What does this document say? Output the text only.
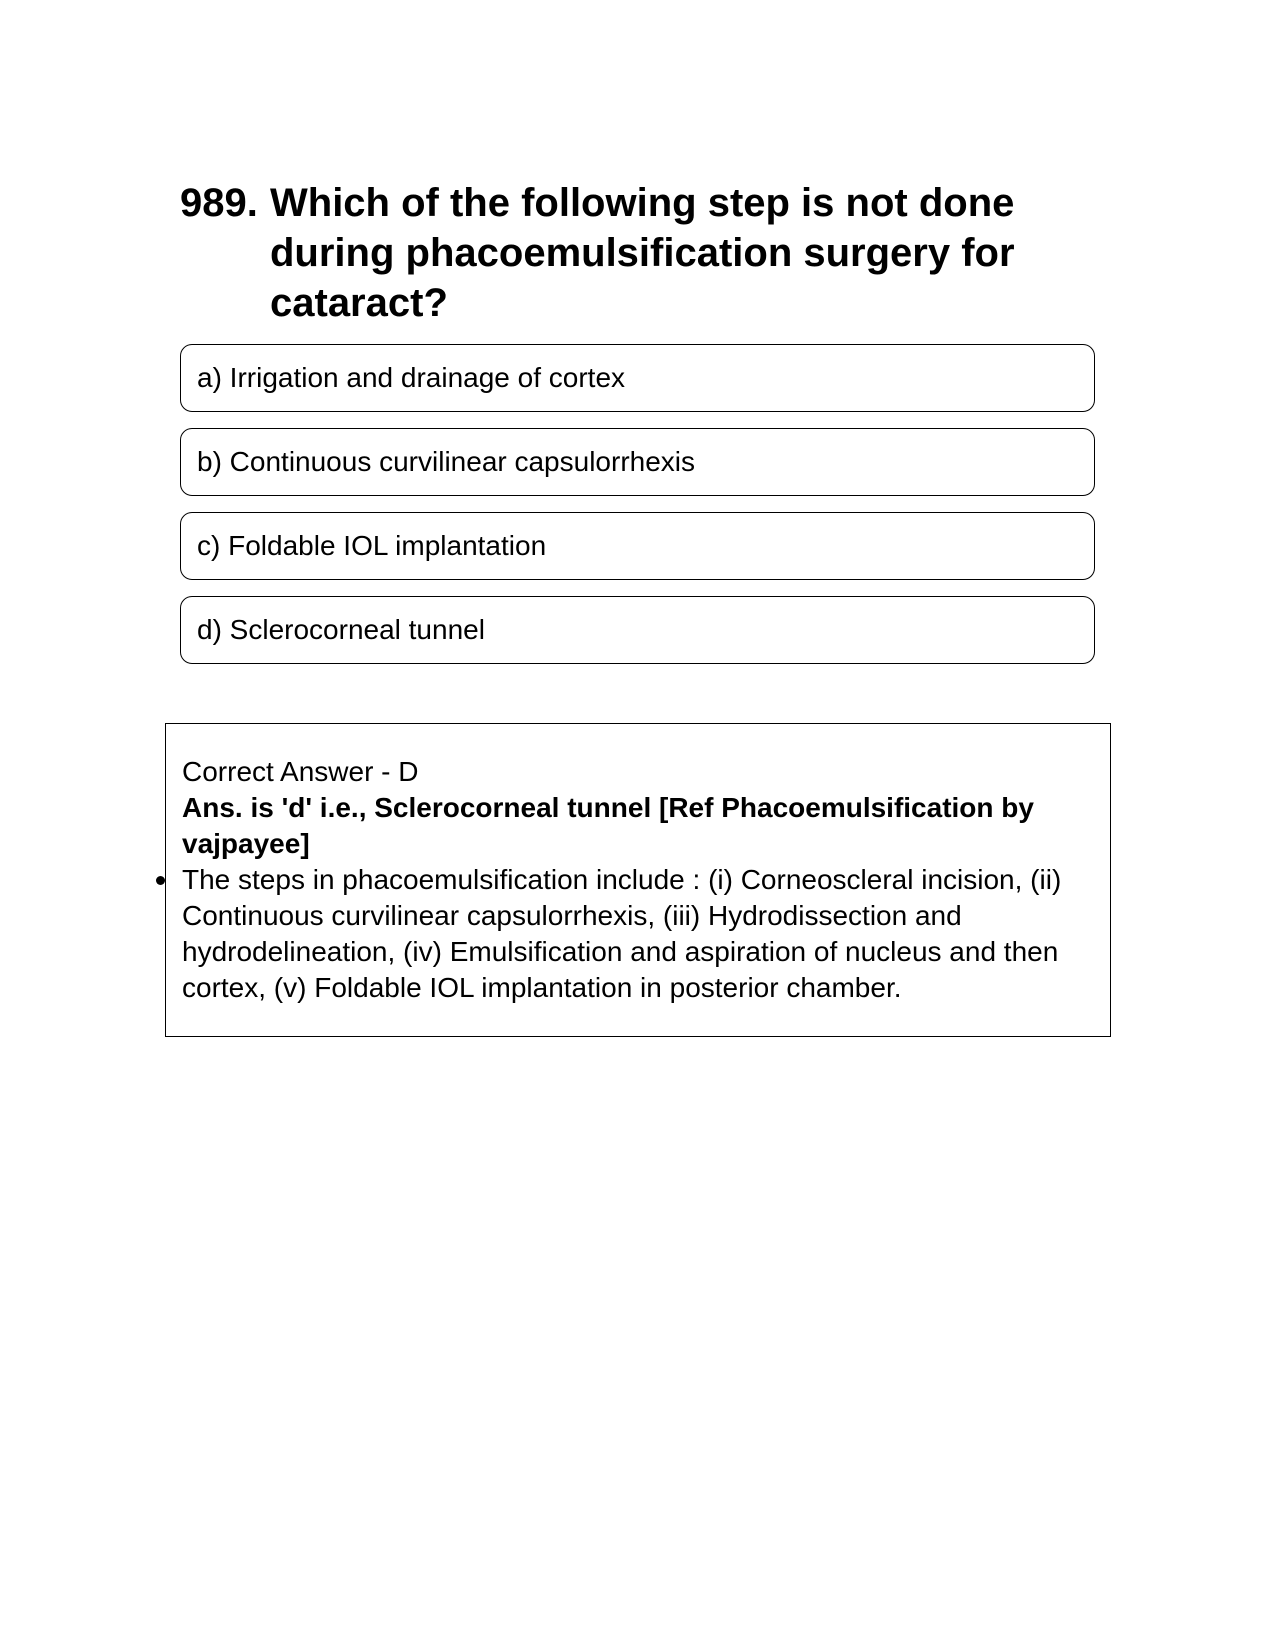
989. Which of the following step is not done during phacoemulsification surgery for cataract?
a) Irrigation and drainage of cortex
b) Continuous curvilinear capsulorrhexis
c) Foldable IOL implantation
d) Sclerocorneal tunnel

Correct Answer - D

Ans. is 'd' i.e., Sclerocorneal tunnel [Ref Phacoemulsification by vajpayee]

The steps in phacoemulsification include : (i) Corneoscleral incision, (ii) Continuous curvilinear capsulorrhexis, (iii) Hydrodissection and hydrodelineation, (iv) Emulsification and aspiration of nucleus and then cortex, (v) Foldable IOL implantation in posterior chamber.
